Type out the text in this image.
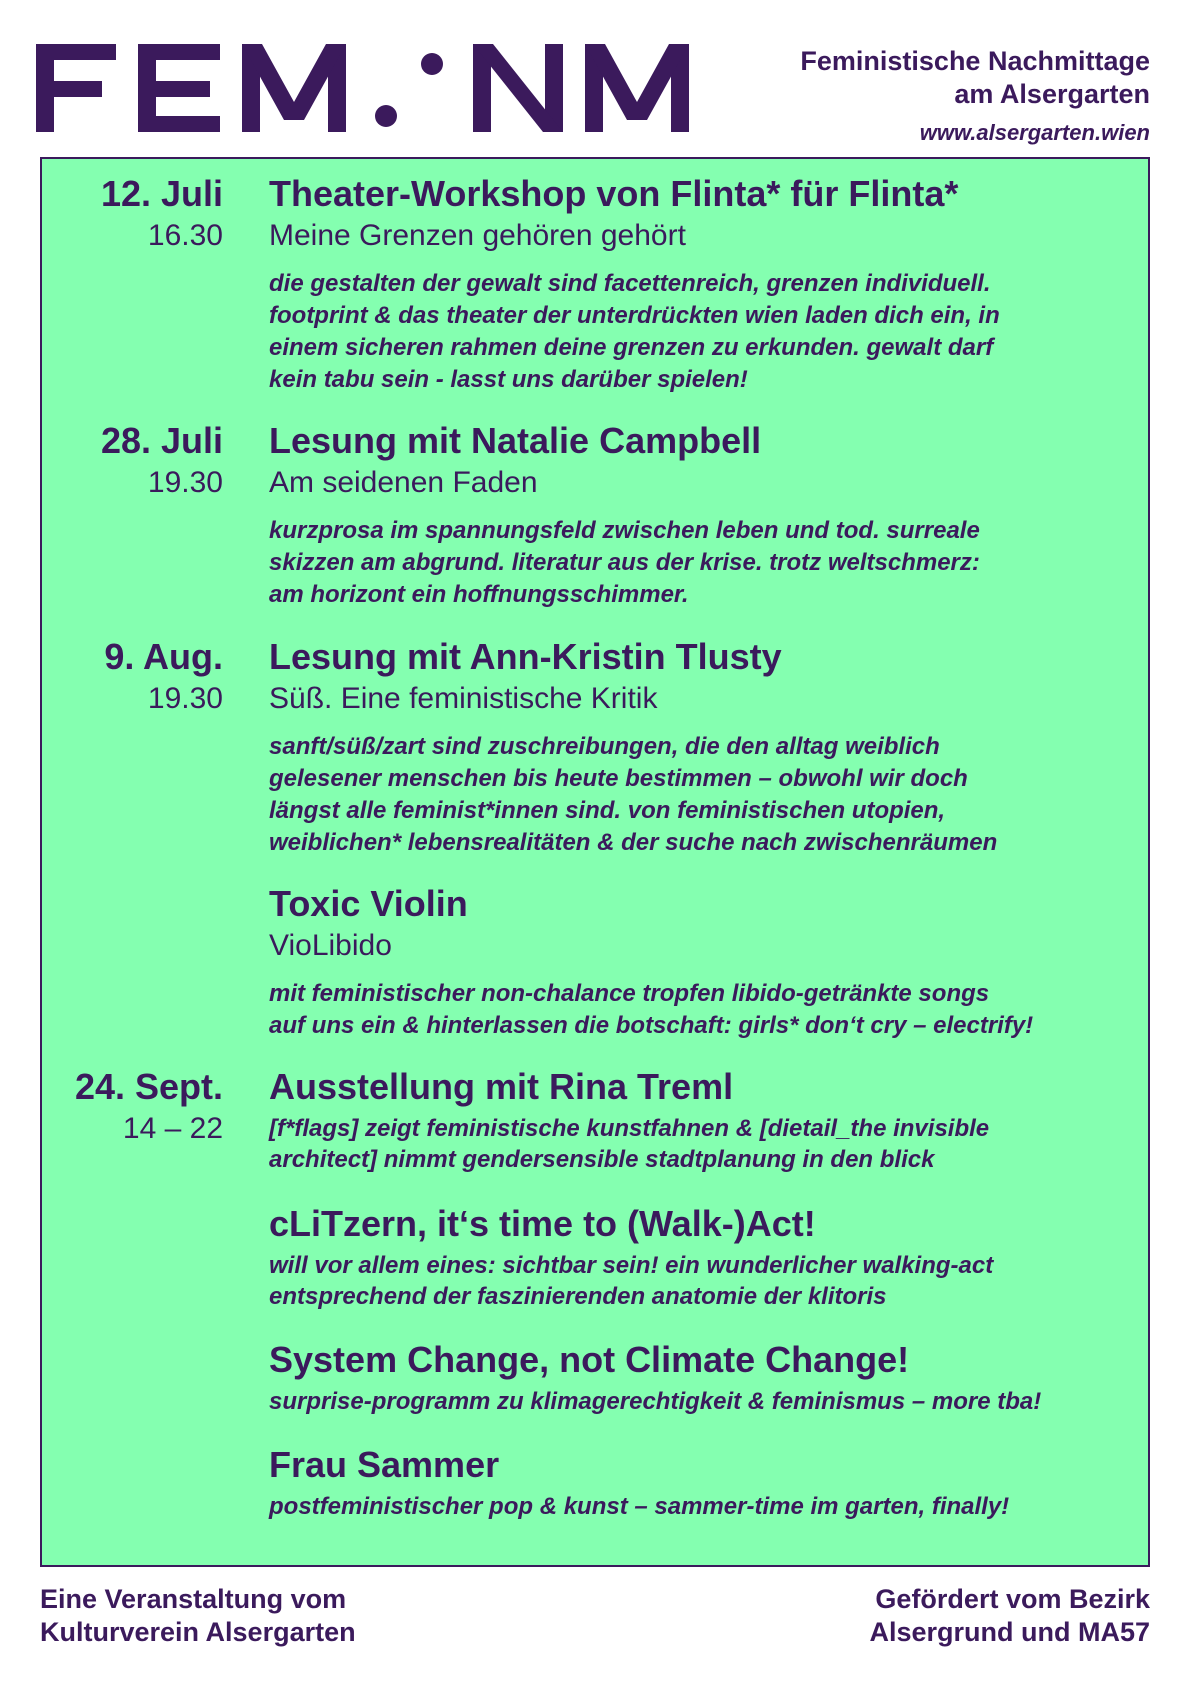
Feministische Nachmittage
am Alsergarten
www.alsergarten.wien
12. Juli
16.30
Theater-Workshop von Flinta* für Flinta*
Meine Grenzen gehören gehört
die gestalten der gewalt sind facettenreich, grenzen individuell.
footprint & das theater der unterdrückten wien laden dich ein, in
einem sicheren rahmen deine grenzen zu erkunden. gewalt darf
kein tabu sein - lasst uns darüber spielen!
28. Juli
19.30
Lesung mit Natalie Campbell
Am seidenen Faden
kurzprosa im spannungsfeld zwischen leben und tod. surreale
skizzen am abgrund. literatur aus der krise. trotz weltschmerz:
am horizont ein hoffnungsschimmer.
9. Aug.
19.30
Lesung mit Ann-Kristin Tlusty
Süß. Eine feministische Kritik
sanft/süß/zart sind zuschreibungen, die den alltag weiblich
gelesener menschen bis heute bestimmen – obwohl wir doch
längst alle feminist*innen sind. von feministischen utopien,
weiblichen* lebensrealitäten & der suche nach zwischenräumen
Toxic Violin
VioLibido
mit feministischer non-chalance tropfen libido-getränkte songs
auf uns ein & hinterlassen die botschaft: girls* don‘t cry – electrify!
24. Sept.
14 – 22
Ausstellung mit Rina Treml
[f*flags] zeigt feministische kunstfahnen & [dietail_the invisible
architect] nimmt gendersensible stadtplanung in den blick
cLiTzern, it‘s time to (Walk-)Act!
will vor allem eines: sichtbar sein! ein wunderlicher walking-act
entsprechend der faszinierenden anatomie der klitoris
System Change, not Climate Change!
surprise-programm zu klimagerechtigkeit & feminismus – more tba!
Frau Sammer
postfeministischer pop & kunst – sammer-time im garten, finally!
Eine Veranstaltung vom
Kulturverein Alsergarten
Gefördert vom Bezirk
Alsergrund und MA57
